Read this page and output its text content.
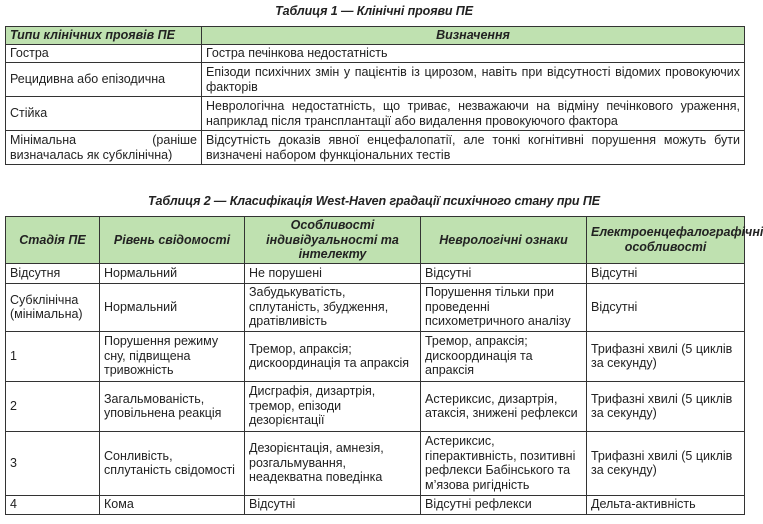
Таблиця 1 — Клінічні прояви ПЕ
Типи клінічних проявів ПЕ	Визначення
Гостра	Гостра печінкова недостатність
Рецидивна або епізодична	Епізоди психічних змін у пацієнтів із цирозом, навіть при відсутності відомих провокуючих факторів
Стійка	Неврологічна недостатність, що триває, незважаючи на відміну печінкового ураження, наприклад після трансплантації або видалення провокуючого фактора
Мінімальна (раніше визначалась як субклінічна)	Відсутність доказів явної енцефалопатії, але тонкі когнітивні порушення можуть бути визначені набором функціональних тестів
Таблиця 2 — Класифікація West-Haven градації психічного стану при ПЕ
Стадія ПЕ	Рівень свідомості	Особливості індивідуальності та інтелекту	Неврологічні ознаки	Електроенцефалографічні особливості
Відсутня	Нормальний	Не порушені	Відсутні	Відсутні
Субклінічна (мінімальна)	Нормальний	Забудькуватість, сплутаність, збудження, дратівливість	Порушення тільки при проведенні психометричного аналізу	Відсутні
1	Порушення режиму сну, підвищена тривожність	Тремор, апраксія; дискоординація та апраксія	Тремор, апраксія; дискоординація та апраксія	Трифазні хвилі (5 циклів за секунду)
2	Загальмованість, уповільнена реакція	Дисграфія, дизартрія, тремор, епізоди дезорієнтації	Астериксис, дизартрія, атаксія, знижені рефлекси	Трифазні хвилі (5 циклів за секунду)
3	Сонливість, сплутаність свідомості	Дезорієнтація, амнезія, розгальмування, неадекватна поведінка	Астериксис, гіперактивність, позитивні рефлекси Бабінського та м’язова ригідність	Трифазні хвилі (5 циклів за секунду)
4	Кома	Відсутні	Відсутні рефлекси	Дельта-активність
